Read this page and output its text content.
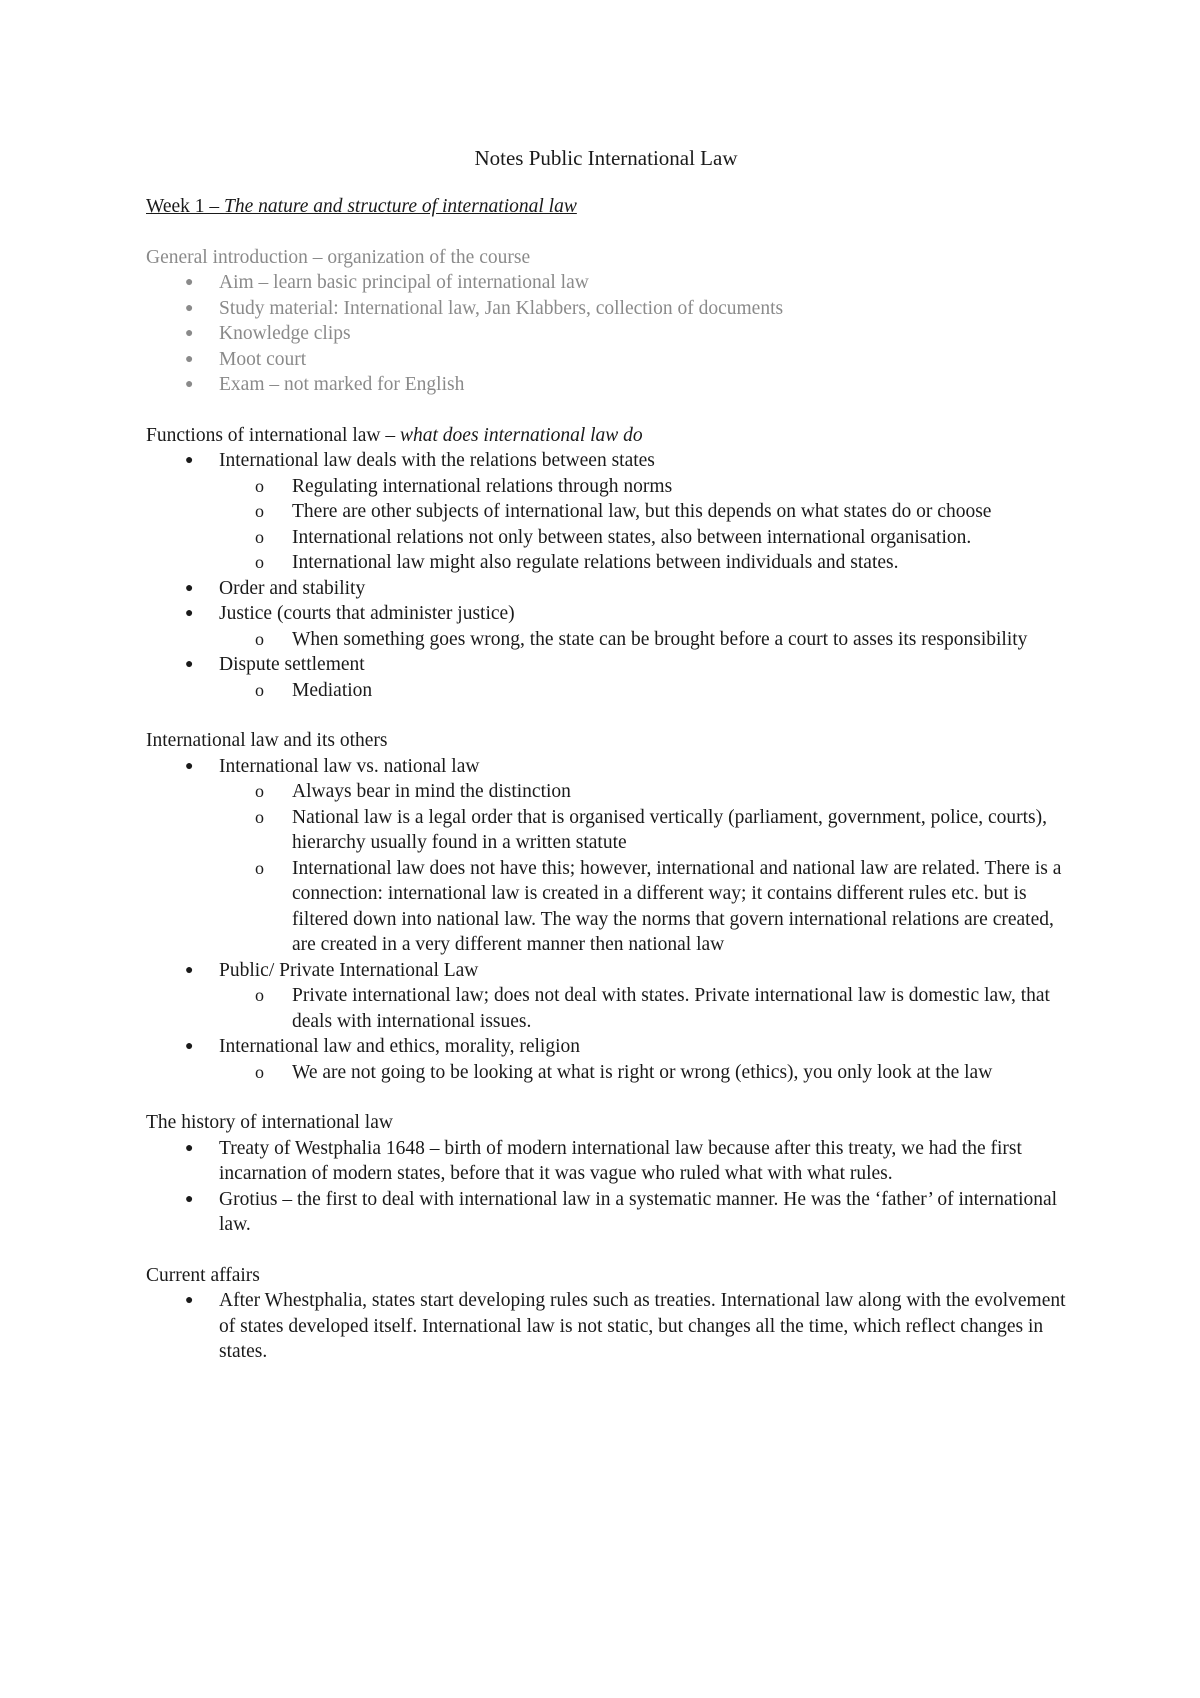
Notes Public International Law
Week 1 – The nature and structure of international law
General introduction – organization of the course
● Aim – learn basic principal of international law
● Study material: International law, Jan Klabbers, collection of documents
● Knowledge clips
● Moot court
● Exam – not marked for English
Functions of international law – what does international law do
● International law deals with the relations between states
o Regulating international relations through norms
o There are other subjects of international law, but this depends on what states do or choose
o International relations not only between states, also between international organisation.
o International law might also regulate relations between individuals and states.
● Order and stability
● Justice (courts that administer justice)
o When something goes wrong, the state can be brought before a court to asses its responsibility
● Dispute settlement
o Mediation
International law and its others
● International law vs. national law
o Always bear in mind the distinction
o National law is a legal order that is organised vertically (parliament, government, police, courts), hierarchy usually found in a written statute
o International law does not have this; however, international and national law are related. There is a connection: international law is created in a different way; it contains different rules etc. but is filtered down into national law. The way the norms that govern international relations are created, are created in a very different manner then national law
● Public/ Private International Law
o Private international law; does not deal with states. Private international law is domestic law, that deals with international issues.
● International law and ethics, morality, religion
o We are not going to be looking at what is right or wrong (ethics), you only look at the law
The history of international law
● Treaty of Westphalia 1648 – birth of modern international law because after this treaty, we had the first incarnation of modern states, before that it was vague who ruled what with what rules.
● Grotius – the first to deal with international law in a systematic manner. He was the ‘father’ of international law.
Current affairs
● After Whestphalia, states start developing rules such as treaties. International law along with the evolvement of states developed itself. International law is not static, but changes all the time, which reflect changes in states.
